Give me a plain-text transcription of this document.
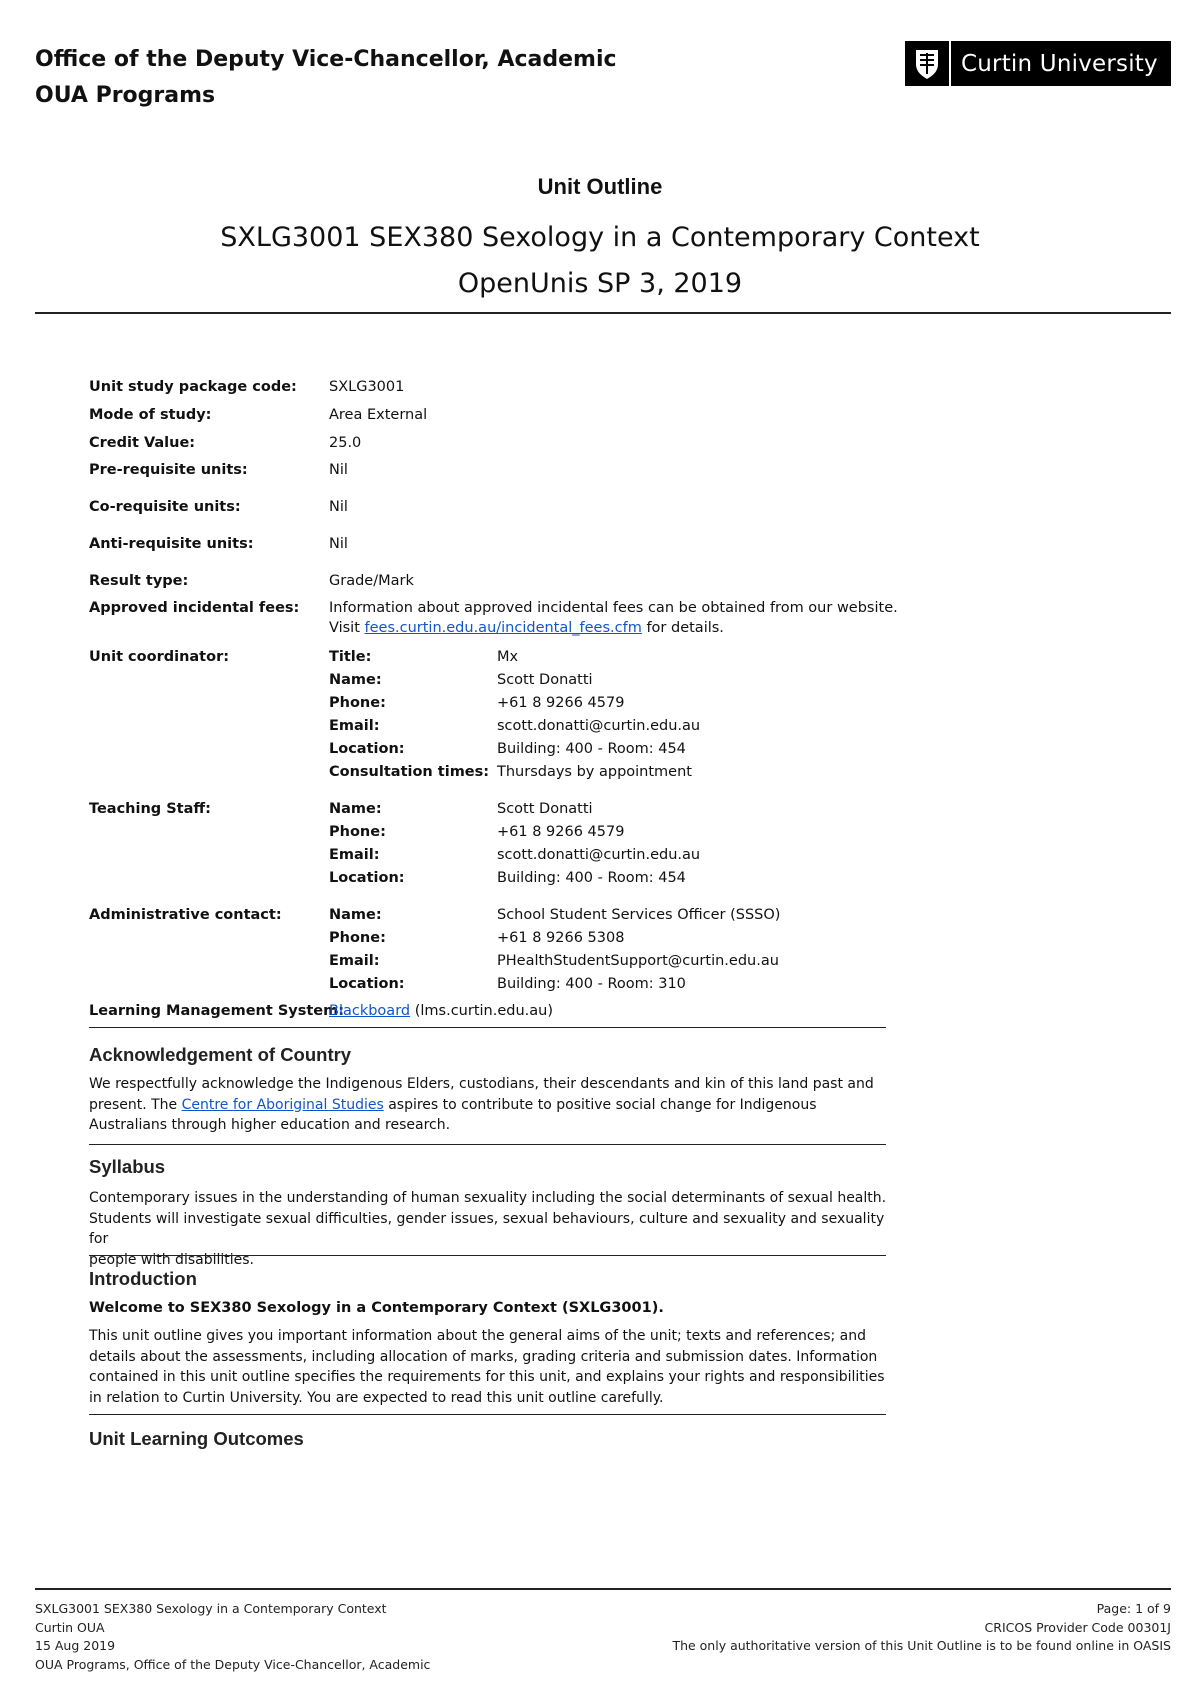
Office of the Deputy Vice-Chancellor, Academic
OUA Programs
Curtin University
Unit Outline
SXLG3001 SEX380 Sexology in a Contemporary Context
OpenUnis SP 3, 2019
Unit study package code: SXLG3001
Mode of study:	Area External
Credit Value:	25.0
Pre-requisite units:	Nil
Co-requisite units:	Nil
Anti-requisite units:	Nil
Result type:	Grade/Mark
Approved incidental fees: Information about approved incidental fees can be obtained from our website.
Visit fees.curtin.edu.au/incidental_fees.cfm for details.
Unit coordinator:	Title:	Mx
Name:	Scott Donatti
Phone:	+61 8 9266 4579
Email:	scott.donatti@curtin.edu.au
Location:	Building: 400 - Room: 454
Consultation times: Thursdays by appointment
Teaching Staff:	Name:	Scott Donatti
Phone:	+61 8 9266 4579
Email:	scott.donatti@curtin.edu.au
Location:	Building: 400 - Room: 454
Administrative contact:	Name:	School Student Services Officer (SSSO)
Phone:	+61 8 9266 5308
Email:	PHealthStudentSupport@curtin.edu.au
Location:	Building: 400 - Room: 310
Learning Management System:
Blackboard (lms.curtin.edu.au)
Acknowledgement of Country
We respectfully acknowledge the Indigenous Elders, custodians, their descendants and kin of this land past and
present. The Centre for Aboriginal Studies aspires to contribute to positive social change for Indigenous
Australians through higher education and research.
Syllabus
Contemporary issues in the understanding of human sexuality including the social determinants of sexual health.
Students will investigate sexual difficulties, gender issues, sexual behaviours, culture and sexuality and sexuality for
people with disabilities.
Introduction
Welcome to SEX380 Sexology in a Contemporary Context (SXLG3001).
This unit outline gives you important information about the general aims of the unit; texts and references; and
details about the assessments, including allocation of marks, grading criteria and submission dates. Information
contained in this unit outline specifies the requirements for this unit, and explains your rights and responsibilities
in relation to Curtin University. You are expected to read this unit outline carefully.
Unit Learning Outcomes
SXLG3001 SEX380 Sexology in a Contemporary Context
Curtin OUA
15 Aug 2019
OUA Programs, Office of the Deputy Vice-Chancellor, Academic
Page: 1 of 9
CRICOS Provider Code 00301J
The only authoritative version of this Unit Outline is to be found online in OASIS
